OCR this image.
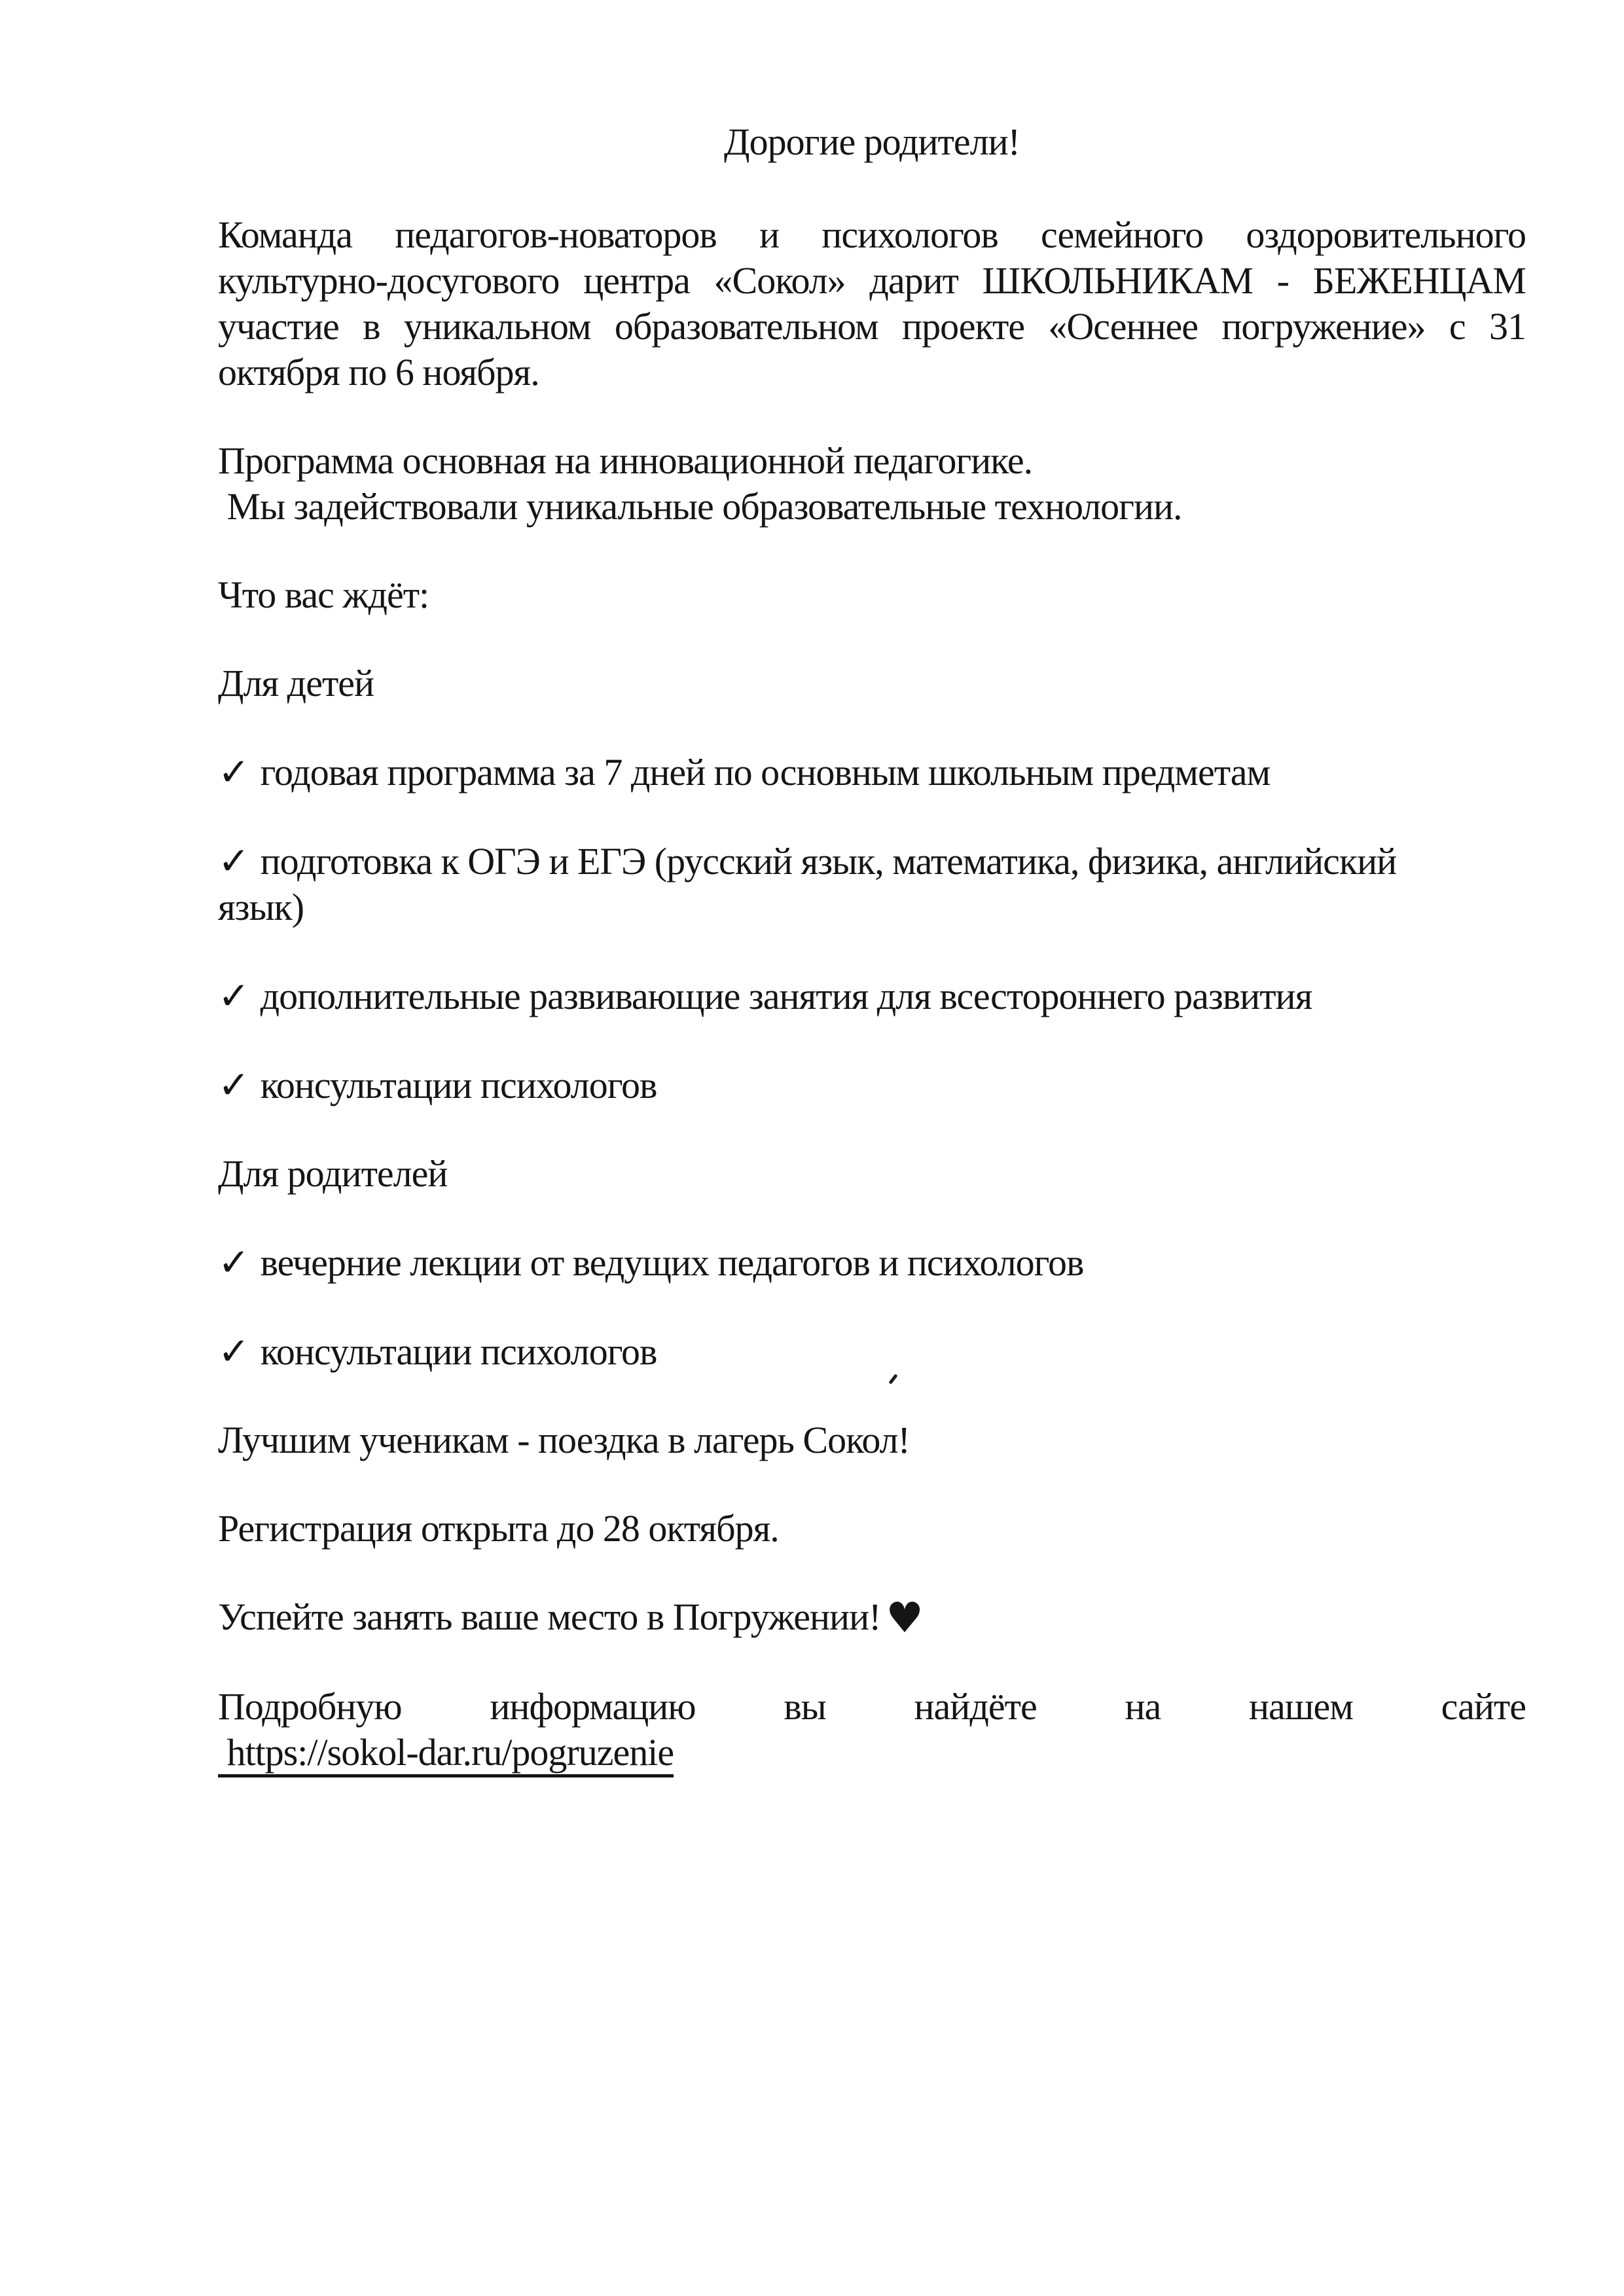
Дорогие родители!
Команда педагогов-новаторов и психологов семейного оздоровительного
культурно-досугового центра «Сокол» дарит ШКОЛЬНИКАМ - БЕЖЕНЦАМ
участие в уникальном образовательном проекте «Осеннее погружение» с 31
октября по 6 ноября.
Программа основная на инновационной педагогике.
Мы задействовали уникальные образовательные технологии.
Что вас ждёт:
Для детей
✓ годовая программа за 7 дней по основным школьным предметам
✓ подготовка к ОГЭ и ЕГЭ (русский язык, математика, физика, английский
язык)
✓ дополнительные развивающие занятия для всестороннего развития
✓ консультации психологов
Для родителей
✓ вечерние лекции от ведущих педагогов и психологов
✓ консультации психологов
Лучшим ученикам - поездка в лагерь Сокол!
Регистрация открыта до 28 октября.
Успейте занять ваше место в Погружении! ♥
Подробную информацию вы найдёте на нашем сайте
https://sokol-dar.ru/pogruzenie
